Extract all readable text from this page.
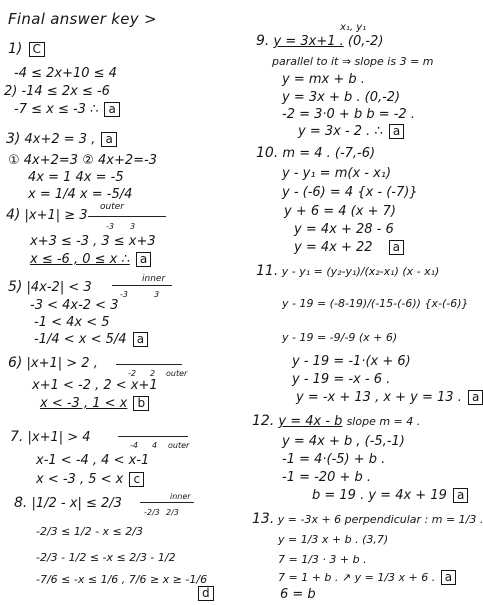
Final answer key >
1) C
-4 ≤ 2x+10 ≤ 4
2) -14 ≤ 2x ≤ -6
-7 ≤ x ≤ -3 ∴ a
3) 4x+2 = 3 , a
① 4x+2=3 ② 4x+2=-3
4x = 1 4x = -5
x = 1/4 x = -5/4
4) |x+1| ≥ 3
outer
-3 3
x+3 ≤ -3 , 3 ≤ x+3
x ≤ -6 , 0 ≤ x ∴ a
5) |4x-2| < 3
inner
-3	3
-3 < 4x-2 < 3
-1 < 4x < 5
-1/4 < x < 5/4 a
6) |x+1| > 2 ,
-2 2 outer
x+1 < -2 , 2 < x+1
x < -3 , 1 < x b
7. |x+1| > 4
-4 4 outer
x-1 < -4 , 4 < x-1
x < -3 , 5 < x c
8. |1/2 - x| ≤ 2/3	inner
-2/3 2/3
-2/3 ≤ 1/2 - x ≤ 2/3
-2/3 - 1/2 ≤ -x ≤ 2/3 - 1/2
-7/6 ≤ -x ≤ 1/6 , 7/6 ≥ x ≥ -1/6
d
x₁, y₁
9. y = 3x+1 . (0,-2)
parallel to it ⇒ slope is 3 = m
y = mx + b .
y = 3x + b . (0,-2)
-2 = 3·0 + b b = -2 .
y = 3x - 2 . ∴ a
10. m = 4 . (-7,-6)
y - y₁ = m(x - x₁)
y - (-6) = 4 {x - (-7)}
y + 6 = 4 (x + 7)
y = 4x + 28 - 6
y = 4x + 22 a
11. y - y₁ = (y₂-y₁)/(x₂-x₁) (x - x₁)
y - 19 = (-8-19)/(-15-(-6)) {x-(-6)}
y - 19 = -9/-9 (x + 6)
y - 19 = -1·(x + 6)
y - 19 = -x - 6 .
y = -x + 13 , x + y = 13 . a
12. y = 4x - b slope m = 4 .
y = 4x + b , (-5,-1)
-1 = 4·(-5) + b .
-1 = -20 + b .
b = 19 . y = 4x + 19 a
13. y = -3x + 6 perpendicular : m = 1/3 .
y = 1/3 x + b . (3,7)
7 = 1/3 · 3 + b .
7 = 1 + b . ↗ y = 1/3 x + 6 . a
6 = b
